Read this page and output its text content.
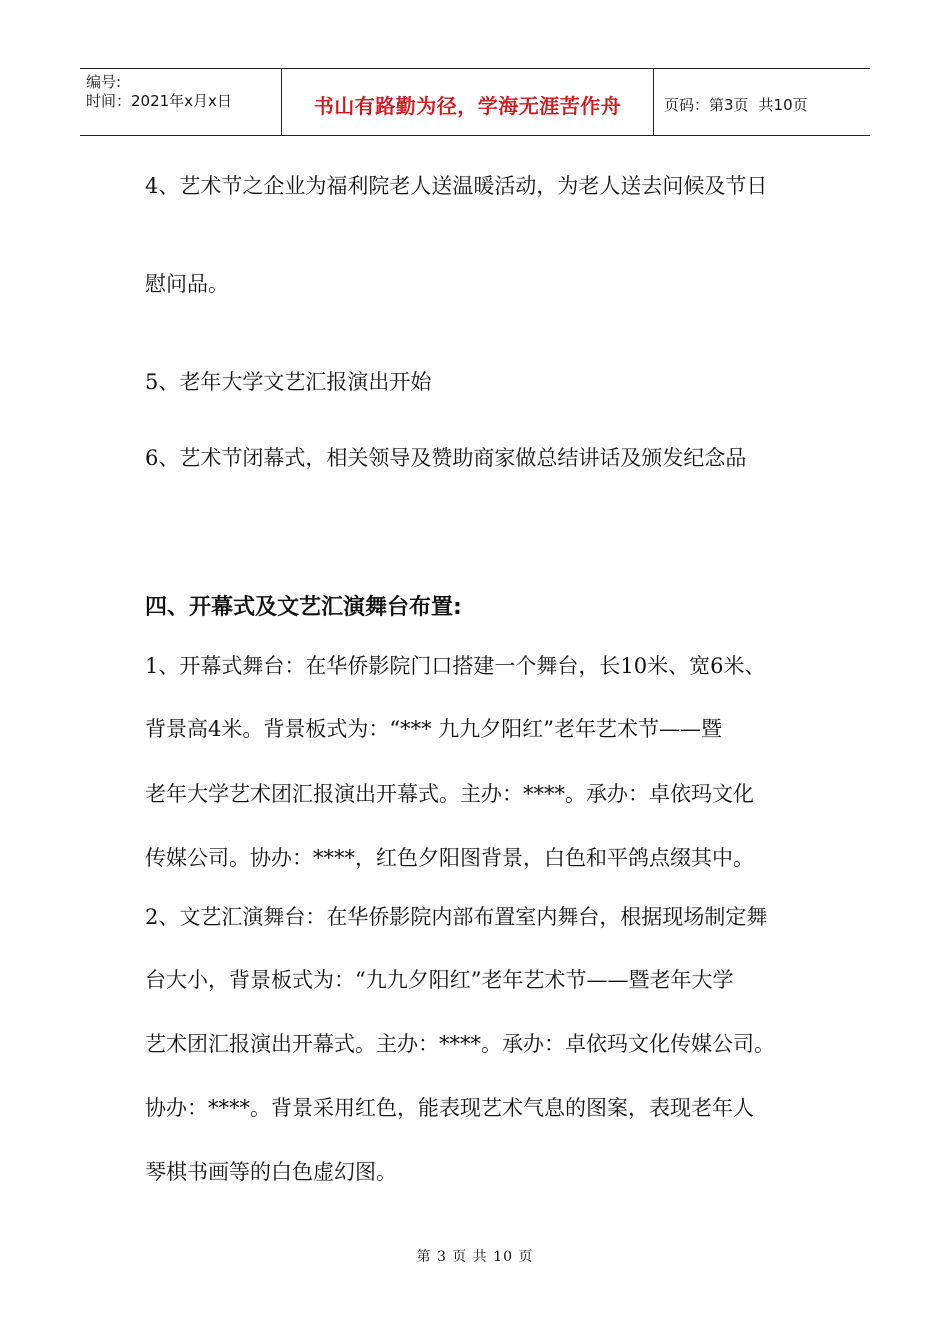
编号:
时间：2021年x月x日	书山有路勤为径，学海无涯苦作舟	页码：第3页 共10页
4、艺术节之企业为福利院老人送温暖活动，为老人送去问候及节日
慰问品。
5、老年大学文艺汇报演出开始
6、艺术节闭幕式，相关领导及赞助商家做总结讲话及颁发纪念品
四、开幕式及文艺汇演舞台布置:
1、开幕式舞台：在华侨影院门口搭建一个舞台，长10米、宽6米、
背景高4米。背景板式为：“*** 九九夕阳红”老年艺术节——暨
老年大学艺术团汇报演出开幕式。主办：****。承办：卓依玛文化
传媒公司。协办：****，红色夕阳图背景，白色和平鸽点缀其中。
2、文艺汇演舞台：在华侨影院内部布置室内舞台，根据现场制定舞
台大小，背景板式为：“九九夕阳红”老年艺术节——暨老年大学
艺术团汇报演出开幕式。主办：****。承办：卓依玛文化传媒公司。
协办：****。背景采用红色，能表现艺术气息的图案，表现老年人
琴棋书画等的白色虚幻图。
第 3 页 共 10 页
